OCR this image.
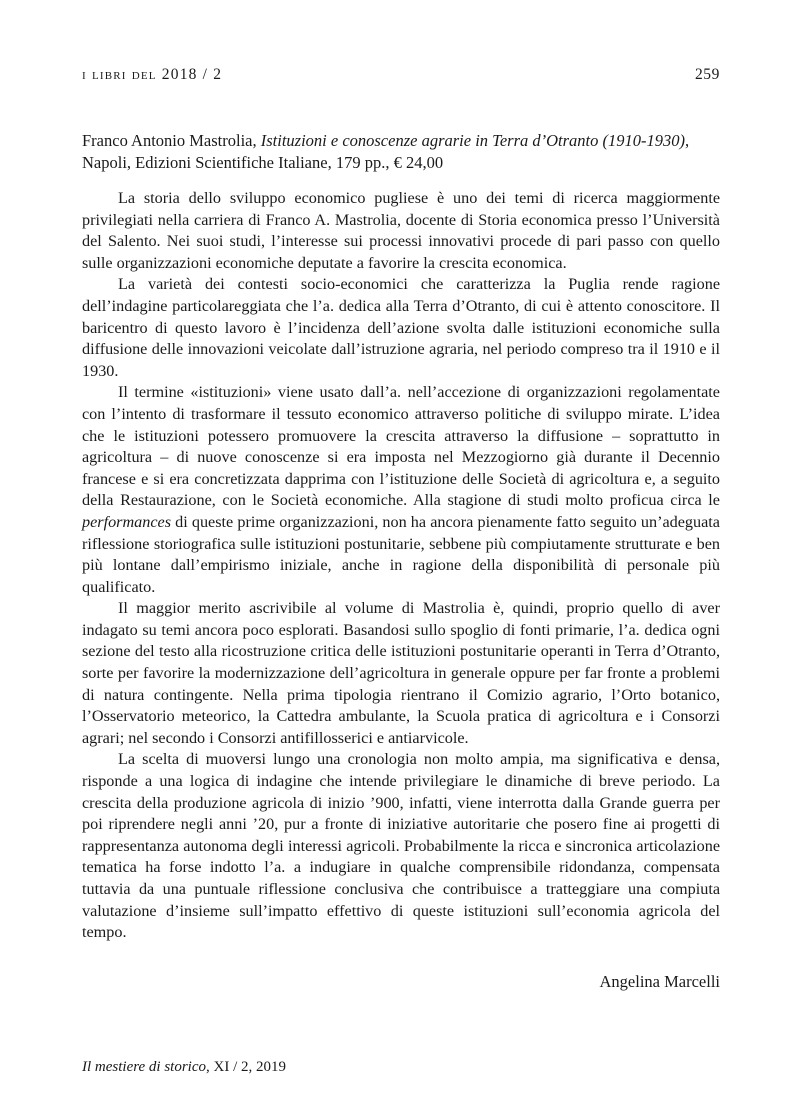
i libri del 2018 / 2	259
Franco Antonio Mastrolia, Istituzioni e conoscenze agrarie in Terra d’Otranto (1910-1930), Napoli, Edizioni Scientifiche Italiane, 179 pp., € 24,00

La storia dello sviluppo economico pugliese è uno dei temi di ricerca maggiormente privilegiati nella carriera di Franco A. Mastrolia, docente di Storia economica presso l’Università del Salento. Nei suoi studi, l’interesse sui processi innovativi procede di pari passo con quello sulle organizzazioni economiche deputate a favorire la crescita economica.

La varietà dei contesti socio-economici che caratterizza la Puglia rende ragione dell’indagine particolareggiata che l’a. dedica alla Terra d’Otranto, di cui è attento conoscitore. Il baricentro di questo lavoro è l’incidenza dell’azione svolta dalle istituzioni economiche sulla diffusione delle innovazioni veicolate dall’istruzione agraria, nel periodo compreso tra il 1910 e il 1930.

Il termine «istituzioni» viene usato dall’a. nell’accezione di organizzazioni regolamentate con l’intento di trasformare il tessuto economico attraverso politiche di sviluppo mirate. L’idea che le istituzioni potessero promuovere la crescita attraverso la diffusione – soprattutto in agricoltura – di nuove conoscenze si era imposta nel Mezzogiorno già durante il Decennio francese e si era concretizzata dapprima con l’istituzione delle Società di agricoltura e, a seguito della Restaurazione, con le Società economiche. Alla stagione di studi molto proficua circa le performances di queste prime organizzazioni, non ha ancora pienamente fatto seguito un’adeguata riflessione storiografica sulle istituzioni postunitarie, sebbene più compiutamente strutturate e ben più lontane dall’empirismo iniziale, anche in ragione della disponibilità di personale più qualificato.

Il maggior merito ascrivibile al volume di Mastrolia è, quindi, proprio quello di aver indagato su temi ancora poco esplorati. Basandosi sullo spoglio di fonti primarie, l’a. dedica ogni sezione del testo alla ricostruzione critica delle istituzioni postunitarie operanti in Terra d’Otranto, sorte per favorire la modernizzazione dell’agricoltura in generale oppure per far fronte a problemi di natura contingente. Nella prima tipologia rientrano il Comizio agrario, l’Orto botanico, l’Osservatorio meteorico, la Cattedra ambulante, la Scuola pratica di agricoltura e i Consorzi agrari; nel secondo i Consorzi antifillosserici e antiarvicole.

La scelta di muoversi lungo una cronologia non molto ampia, ma significativa e densa, risponde a una logica di indagine che intende privilegiare le dinamiche di breve periodo. La crescita della produzione agricola di inizio ’900, infatti, viene interrotta dalla Grande guerra per poi riprendere negli anni ’20, pur a fronte di iniziative autoritarie che posero fine ai progetti di rappresentanza autonoma degli interessi agricoli. Probabilmente la ricca e sincronica articolazione tematica ha forse indotto l’a. a indugiare in qualche comprensibile ridondanza, compensata tuttavia da una puntuale riflessione conclusiva che contribuisce a tratteggiare una compiuta valutazione d’insieme sull’impatto effettivo di queste istituzioni sull’economia agricola del tempo.

Angelina Marcelli
Il mestiere di storico, XI / 2, 2019
